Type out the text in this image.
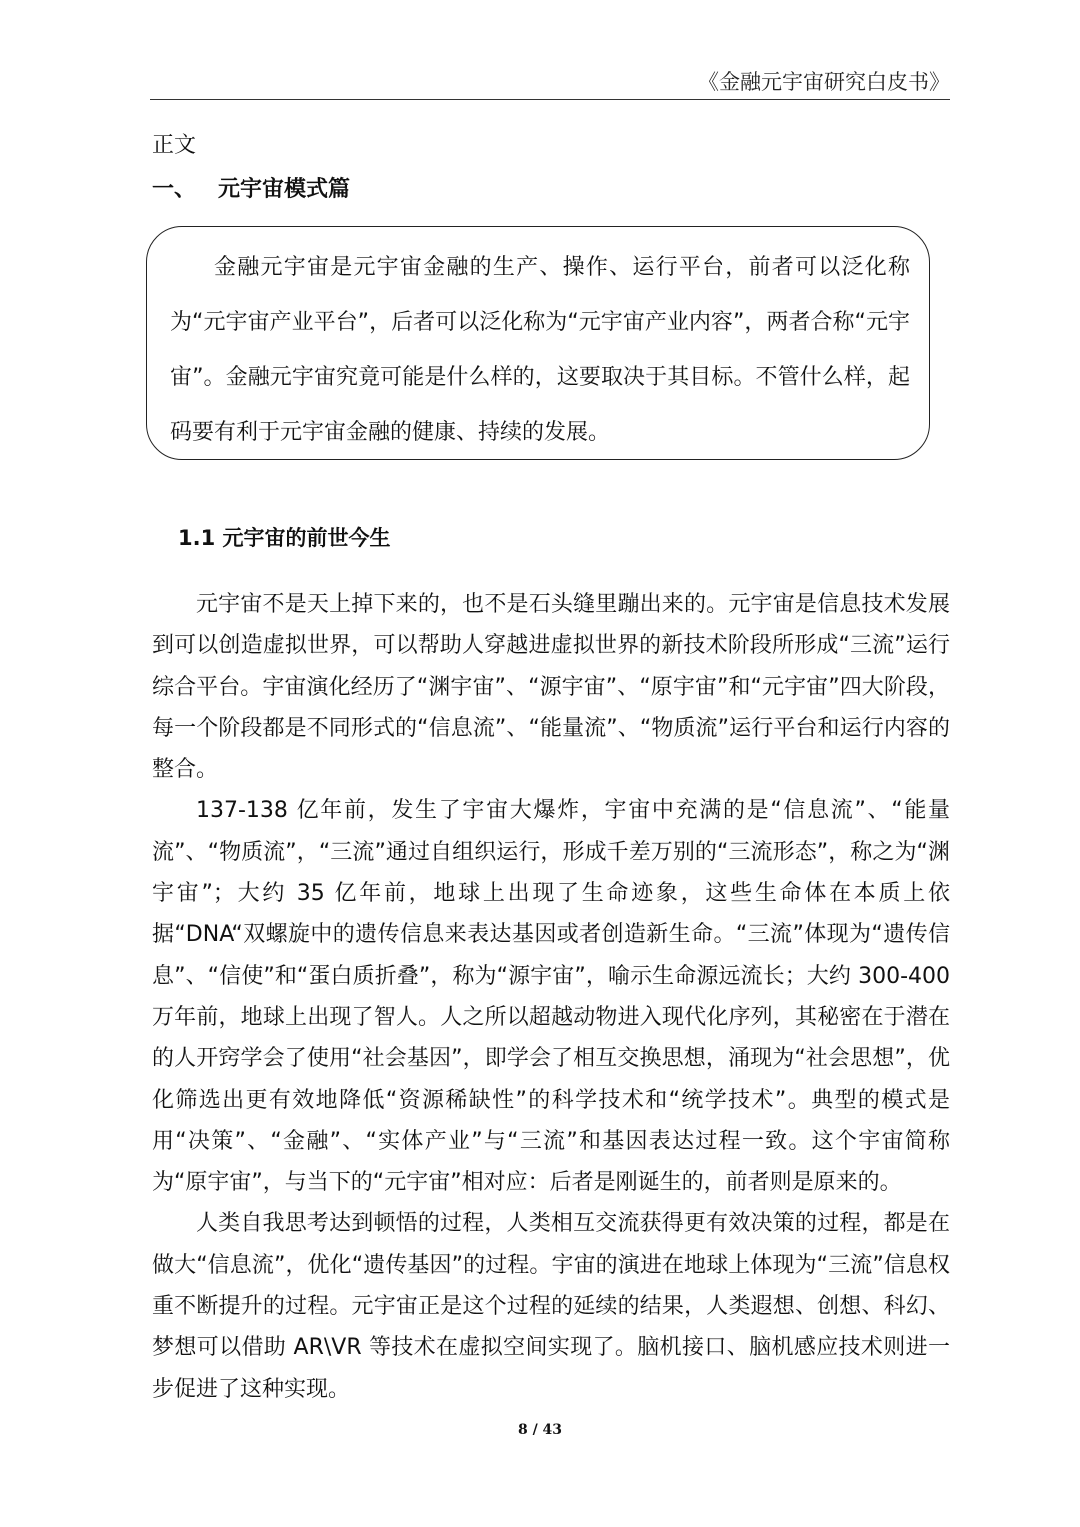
《金融元宇宙研究白皮书》
正文
一、 元宇宙模式篇
金融元宇宙是元宇宙金融的生产、操作、运行平台，前者可以泛化称为“元宇宙产业平台”，后者可以泛化称为“元宇宙产业内容”，两者合称“元宇宙”。金融元宇宙究竟可能是什么样的，这要取决于其目标。不管什么样，起码要有利于元宇宙金融的健康、持续的发展。
1.1 元宇宙的前世今生

元宇宙不是天上掉下来的，也不是石头缝里蹦出来的。元宇宙是信息技术发展到可以创造虚拟世界，可以帮助人穿越进虚拟世界的新技术阶段所形成“三流”运行综合平台。宇宙演化经历了“渊宇宙”、“源宇宙”、“原宇宙”和“元宇宙”四大阶段，每一个阶段都是不同形式的“信息流”、“能量流”、“物质流”运行平台和运行内容的整合。

137-138 亿年前，发生了宇宙大爆炸，宇宙中充满的是“信息流”、“能量流”、“物质流”，“三流”通过自组织运行，形成千差万别的“三流形态”，称之为“渊宇宙”；大约 35 亿年前，地球上出现了生命迹象，这些生命体在本质上依据“DNA“双螺旋中的遗传信息来表达基因或者创造新生命。“三流”体现为“遗传信息”、“信使”和“蛋白质折叠”，称为“源宇宙”，喻示生命源远流长；大约 300-400 万年前，地球上出现了智人。人之所以超越动物进入现代化序列，其秘密在于潜在的人开窍学会了使用“社会基因”，即学会了相互交换思想，涌现为“社会思想”，优化筛选出更有效地降低“资源稀缺性”的科学技术和“统学技术”。典型的模式是用“决策”、“金融”、“实体产业”与“三流”和基因表达过程一致。这个宇宙简称为“原宇宙”，与当下的“元宇宙”相对应：后者是刚诞生的，前者则是原来的。

人类自我思考达到顿悟的过程，人类相互交流获得更有效决策的过程，都是在做大“信息流”，优化“遗传基因”的过程。宇宙的演进在地球上体现为“三流”信息权重不断提升的过程。元宇宙正是这个过程的延续的结果，人类遐想、创想、科幻、梦想可以借助 AR\VR 等技术在虚拟空间实现了。脑机接口、脑机感应技术则进一步促进了这种实现。

8 / 43
